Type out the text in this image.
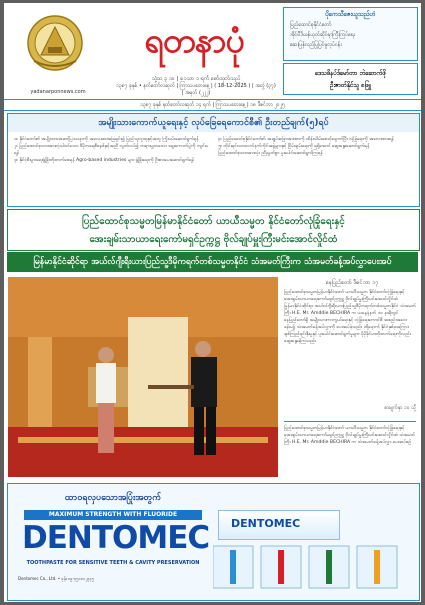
yadanarponnews.com
ရတနာပုံ
သုံ့ထ ၃ ၁၀ | ၁ေသာ ၁ ရက် စော်ထုတ်သည်
၁၃၈၇ ခုနှစ် • နတ်တော်လဆုတ် | ကြာသပတေးနေ့ | ( 18-12-2025 ) | အတွဲ (၃၇) | အမှတ် (၂၂၂)
ပိုကေသီဇေးယူသည်ဟံ
ပြည်ထောင်စုနိုင်ငံတော်
အိုင်ဗီဒိယန်ယုတ်ဆိုင်ရာကြီးကြပ်ရေး
ဆေးပြန်လည်ပြုပြင်မှုလုပ်ငန်း
ဒေသဖိနပ်ဒ်မော်တာ ဘဲဆောက်ဖို
ဦးဇာတ်နိုင်သူ ၈ဖြူ
၁၃၈၇ ခုနှစ် နတ်တော်လဆုတ် ၁၄ ရက် | ကြာသပတေးနေ့ | ၁၈ ဒီဇင်ဘာ ၂၀၂၅
အမျိုးသားကောက်ယူရေးနှင့် လုပ်ခြေရေကောင်စီ၏ ဦးတည်ချက်(၅)ရပ်
၁။ နိုင်ငံတော်၏ အမျိုးသားအဆင့်ပြဿနာကို အလေးထားဖြေရှင်း၍ ပြည်သူလူထုနှင့်အတူ ကြိုးပမ်းဆောင်ရွက်ရန်
၂။ ပြည်ထောင်စုသားအားလုံးပါဝင်သော ဒီမိုကရေစီစနစ်နှင့်အညီ လွတ်လပ်၍ တရားမျှတသော ရွေးကောက်ပွဲကို ကျင်းပရန်
၃။ နိုင်ငံ့စီးပွားရေးဖွံ့ဖြိုးတိုးတက်စေရန် Agro-based industries များ ဖွံ့ဖြိုးရေးကို ဦးစားပေးဆောင်ရွက်ရန်
၄။ ပြည်ထောင်စုနိုင်ငံတော်၏ အချုပ်အခြာအာဏာကို ထိန်းသိမ်းစောင့်ရှောက်ပြီး လုံခြုံရေးကို အလေးထားရန်
၅။ တိုင်းရင်းသားလက်နက်ကိုင်အဖွဲ့များနှင့် ငြိမ်းချမ်းရေးကို ရရှိအောင် ဆွေးနွေးဆောင်ရွက်ရန်
ပြည်ထောင်စုသားအားလုံး ညီညွတ်စွာ ပူးပေါင်းဆောင်ရွက်ကြရန်
ပြည်ထောင်စုသမ္မတမြန်မာနိုင်ငံတော် ယာယီသမ္မတ နိုင်ငံတော်လုံခြုံရေးနှင့်
အေးချမ်းသာယာရေးကော်မရှင်ဥက္ကဋ္ဌ ဗိုလ်ချုပ်မှူးကြီးမင်းအောင်လှိုင်ထံ
မြန်မာနိုင်ငံဆိုင်ရာ အယ်လ်ဂျီးရီးယားပြည်သူ့ဒီမိုကရက်တစ်သမ္မတနိုင်ငံ သံအမတ်ကြီးက သံအမတ်ခန့်အပ်လွှာပေးအပ်
နေပြည်တော် ဒီဇင်ဘာ ၁၇
ပြည်ထောင်စုသမ္မတမြန်မာနိုင်ငံတော် ယာယီသမ္မတ နိုင်ငံတော်လုံခြုံရေးနှင့် အေးချမ်းသာယာရေးကော်မရှင်ဥက္ကဋ္ဌ ဗိုလ်ချုပ်မှူးကြီးမင်းအောင်လှိုင်ထံ မြန်မာနိုင်ငံဆိုင်ရာ အယ်လ်ဂျီးရီးယားပြည်သူ့ဒီမိုကရက်တစ်သမ္မတနိုင်ငံ သံအမတ်ကြီး H.E. Mr. Amddie BECHIRA က ယနေ့နံနက် ၁၀ နာရီတွင် နေပြည်တော်ရှိ အမျိုးသားကာကွယ်ရေးနှင့် လုံခြုံရေးကောင်စီ အစည်းအဝေးခန်းမ၌ သံအမတ်ခန့်အပ်လွှာကို ပေးအပ်ခဲ့သည်။ ထို့နောက် နိုင်ငံနှစ်ခုအကြား ချစ်ကြည်ရင်းနှီးမှုနှင့် ပူးပေါင်းဆောင်ရွက်မှုများ ပိုမိုခိုင်မာတိုးတက်ရေးကိုလည်း ဆွေးနွေးခဲ့ကြသည်။
စာမျက်နှာ ၁၀ သို့
ပြည်ထောင်စုသမ္မတမြန်မာနိုင်ငံတော် ယာယီသမ္မတ နိုင်ငံတော်လုံခြုံရေးနှင့် အေးချမ်းသာယာရေးကော်မရှင်ဥက္ကဋ္ဌ ဗိုလ်ချုပ်မှူးကြီးမင်းအောင်လှိုင်ထံ သံအမတ်ကြီး H.E. Mr. Amddie BECHIRA က သံအမတ်ခန့်အပ်လွှာ ပေးအပ်စဉ်
ထာဝရလှပသောအပြုံးအတွက်
MAXIMUM STRENGTH WITH FLUORIDE
DENTOMEC
TOOTHPASTE FOR SENSITIVE TEETH & CAVITY PRESERVATION
DENTOMEC
Dentomec Co., Ltd. • ဖုန်း ၀၉-၄၅၀၀၁၂၃၄၅
